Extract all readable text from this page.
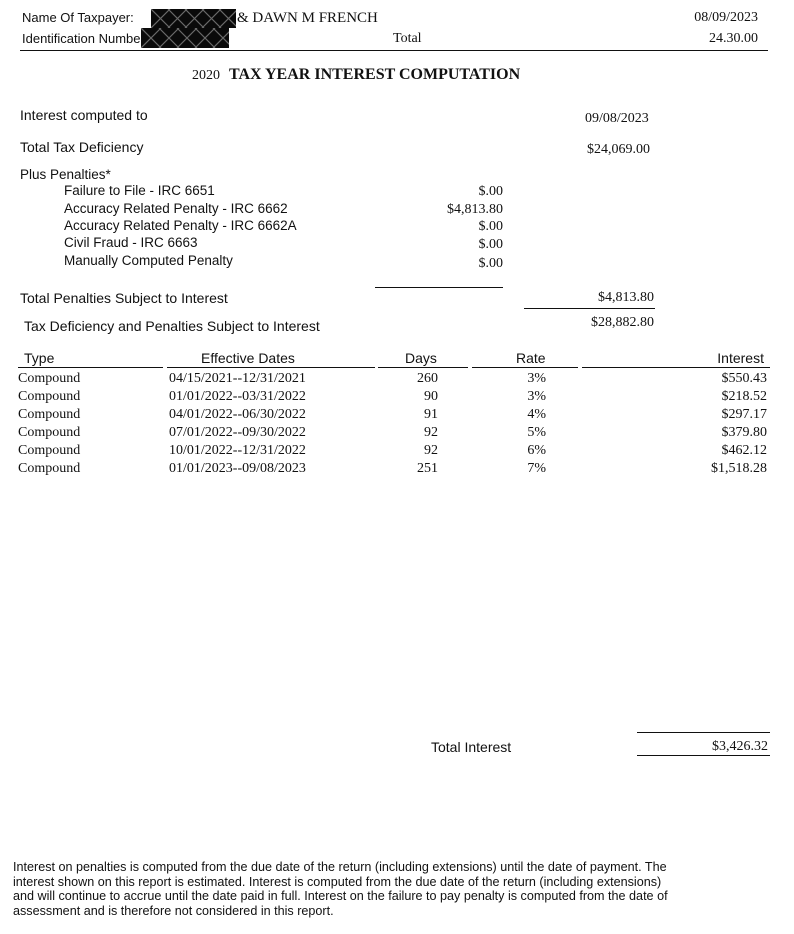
Name Of Taxpayer:
Identification Numbe
& DAWN M FRENCH
Total
08/09/2023
24.30.00
2020 TAX YEAR INTEREST COMPUTATION
Interest computed to	09/08/2023
Total Tax Deficiency	$24,069.00
Plus Penalties*
Failure to File - IRC 6651	$.00
Accuracy Related Penalty - IRC 6662	$4,813.80
Accuracy Related Penalty - IRC 6662A	$.00
Civil Fraud - IRC 6663	$.00
Manually Computed Penalty	$.00
Total Penalties Subject to Interest	$4,813.80
Tax Deficiency and Penalties Subject to Interest	$28,882.80
Type	Effective Dates	Days	Rate	Interest
Compound	04/15/2021--12/31/2021	260	3%	$550.43
Compound	01/01/2022--03/31/2022	90	3%	$218.52
Compound	04/01/2022--06/30/2022	91	4%	$297.17
Compound	07/01/2022--09/30/2022	92	5%	$379.80
Compound	10/01/2022--12/31/2022	92	6%	$462.12
Compound	01/01/2023--09/08/2023	251	7%	$1,518.28
Total Interest	$3,426.32
Interest on penalties is computed from the due date of the return (including extensions) until the date of payment. The
interest shown on this report is estimated. Interest is computed from the due date of the return (including extensions)
and will continue to accrue until the date paid in full. Interest on the failure to pay penalty is computed from the date of
assessment and is therefore not considered in this report.
